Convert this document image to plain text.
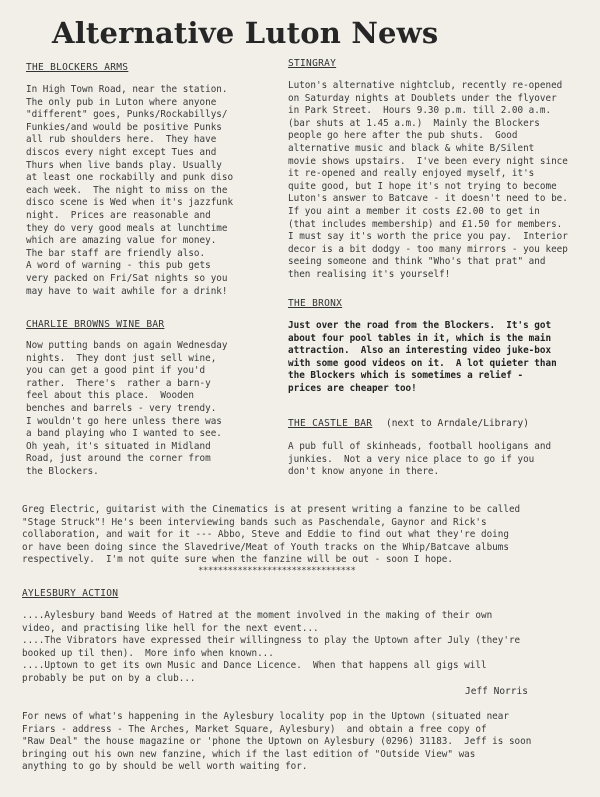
Alternative Luton News
THE BLOCKERS ARMS
In High Town Road, near the station.
The only pub in Luton where anyone
"different" goes, Punks/Rockabillys/
Funkies/and would be positive Punks
all rub shoulders here.  They have
discos every night except Tues and
Thurs when live bands play. Usually
at least one rockabilly and punk diso
each week.  The night to miss on the
disco scene is Wed when it's jazzfunk
night.  Prices are reasonable and
they do very good meals at lunchtime
which are amazing value for money.
The bar staff are friendly also.
A word of warning - this pub gets
very packed on Fri/Sat nights so you
may have to wait awhile for a drink!
CHARLIE BROWNS WINE BAR
Now putting bands on again Wednesday
nights.  They dont just sell wine,
you can get a good pint if you'd
rather.  There's  rather a barn-y
feel about this place.  Wooden
benches and barrels - very trendy.
I wouldn't go here unless there was
a band playing who I wanted to see.
Oh yeah, it's situated in Midland
Road, just around the corner from
the Blockers.
STINGRAY
Luton's alternative nightclub, recently re-opened
on Saturday nights at Doublets under the flyover
in Park Street.  Hours 9.30 p.m. till 2.00 a.m.
(bar shuts at 1.45 a.m.)  Mainly the Blockers
people go here after the pub shuts.  Good
alternative music and black & white B/Silent
movie shows upstairs.  I've been every night since
it re-opened and really enjoyed myself, it's
quite good, but I hope it's not trying to become
Luton's answer to Batcave - it doesn't need to be.
If you aint a member it costs £2.00 to get in
(that includes membership) and £1.50 for members.
I must say it's worth the price you pay.  Interior
decor is a bit dodgy - too many mirrors - you keep
seeing someone and think "Who's that prat" and
then realising it's yourself!
THE BRONX
Just over the road from the Blockers.  It's got
about four pool tables in it, which is the main
attraction.  Also an interesting video juke-box
with some good videos on it.  A lot quieter than
the Blockers which is sometimes a relief -
prices are cheaper too!
THE CASTLE BAR (next to Arndale/Library)
A pub full of skinheads, football hooligans and
junkies.  Not a very nice place to go if you
don't know anyone in there.
Greg Electric, guitarist with the Cinematics is at present writing a fanzine to be called
"Stage Struck"! He's been interviewing bands such as Paschendale, Gaynor and Rick's
collaboration, and wait for it --- Abbo, Steve and Eddie to find out what they're doing
or have been doing since the Slavedrive/Meat of Youth tracks on the Whip/Batcave albums
respectively.  I'm not quite sure when the fanzine will be out - soon I hope.
********************************
AYLESBURY ACTION
....Aylesbury band Weeds of Hatred at the moment involved in the making of their own
video, and practising like hell for the next event...
....The Vibrators have expressed their willingness to play the Uptown after July (they're
booked up til then).  More info when known...
....Uptown to get its own Music and Dance Licence.  When that happens all gigs will
probably be put on by a club...
Jeff Norris
For news of what's happening in the Aylesbury locality pop in the Uptown (situated near
Friars - address - The Arches, Market Square, Aylesbury)  and obtain a free copy of
"Raw Deal" the house magazine or 'phone the Uptown on Aylesbury (0296) 31183.  Jeff is soon
bringing out his own new fanzine, which if the last edition of "Outside View" was
anything to go by should be well worth waiting for.
